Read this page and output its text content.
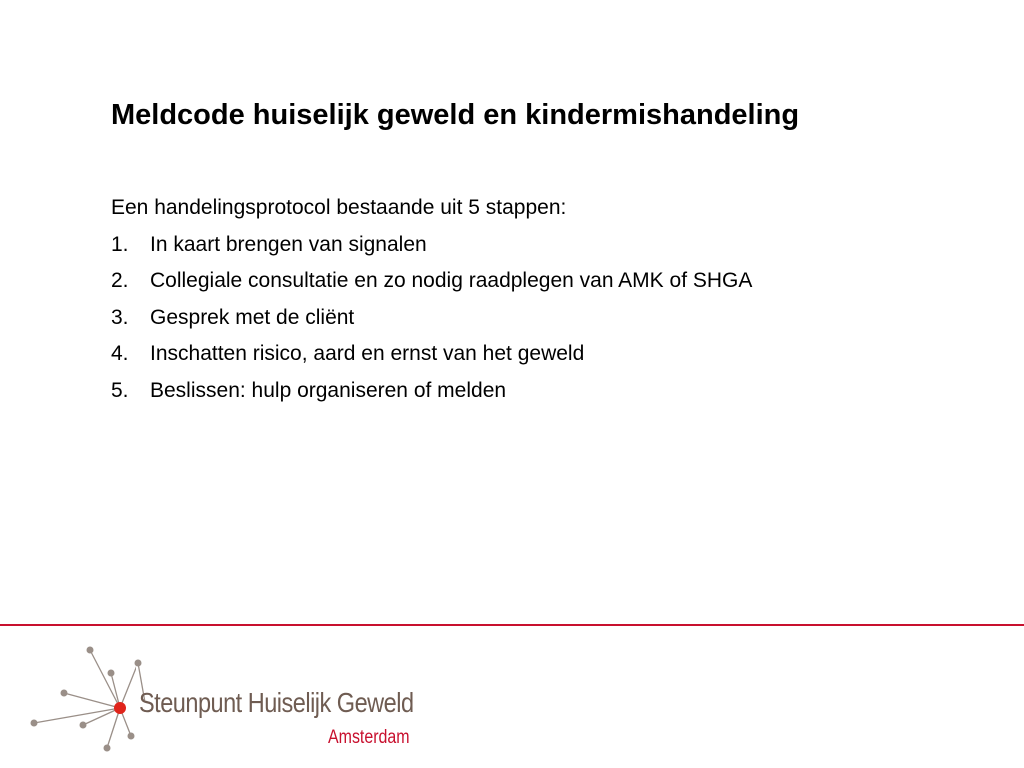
Meldcode huiselijk geweld en kindermishandeling
Een handelingsprotocol bestaande uit 5 stappen:
1.	In kaart brengen van signalen
2.	Collegiale consultatie en zo nodig raadplegen van AMK of SHGA
3.	Gesprek met de cliënt
4.	Inschatten risico, aard en ernst van het geweld
5.	Beslissen: hulp organiseren of melden
Steunpunt Huiselijk Geweld
Amsterdam
